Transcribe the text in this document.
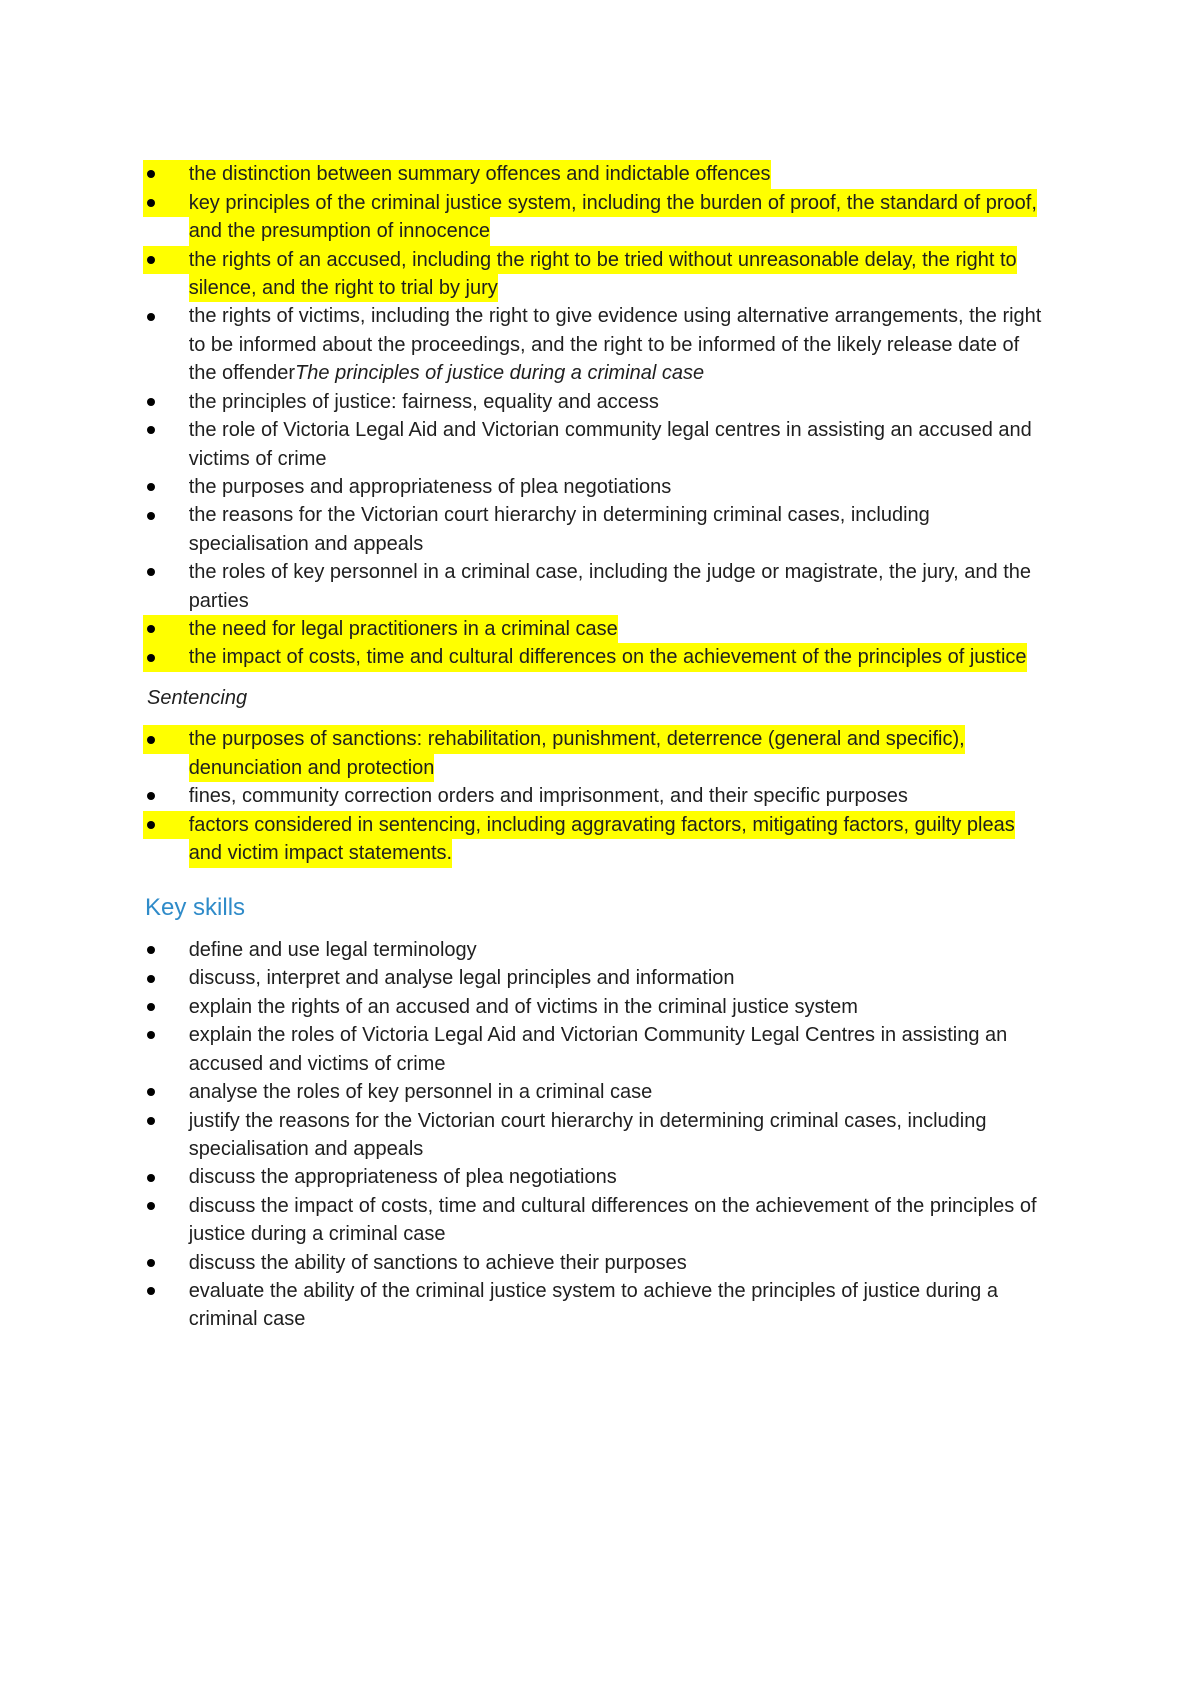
the distinction between summary offences and indictable offences
key principles of the criminal justice system, including the burden of proof, the standard of proof,
and the presumption of innocence
the rights of an accused, including the right to be tried without unreasonable delay, the right to
silence, and the right to trial by jury
the rights of victims, including the right to give evidence using alternative arrangements, the right
to be informed about the proceedings, and the right to be informed of the likely release date of
the offenderThe principles of justice during a criminal case
the principles of justice: fairness, equality and access
the role of Victoria Legal Aid and Victorian community legal centres in assisting an accused and
victims of crime
the purposes and appropriateness of plea negotiations
the reasons for the Victorian court hierarchy in determining criminal cases, including
specialisation and appeals
the roles of key personnel in a criminal case, including the judge or magistrate, the jury, and the
parties
the need for legal practitioners in a criminal case
the impact of costs, time and cultural differences on the achievement of the principles of justice
Sentencing
the purposes of sanctions: rehabilitation, punishment, deterrence (general and specific),
denunciation and protection
fines, community correction orders and imprisonment, and their specific purposes
factors considered in sentencing, including aggravating factors, mitigating factors, guilty pleas
and victim impact statements.
Key skills
define and use legal terminology
discuss, interpret and analyse legal principles and information
explain the rights of an accused and of victims in the criminal justice system
explain the roles of Victoria Legal Aid and Victorian Community Legal Centres in assisting an
accused and victims of crime
analyse the roles of key personnel in a criminal case
justify the reasons for the Victorian court hierarchy in determining criminal cases, including
specialisation and appeals
discuss the appropriateness of plea negotiations
discuss the impact of costs, time and cultural differences on the achievement of the principles of
justice during a criminal case
discuss the ability of sanctions to achieve their purposes
evaluate the ability of the criminal justice system to achieve the principles of justice during a
criminal case
